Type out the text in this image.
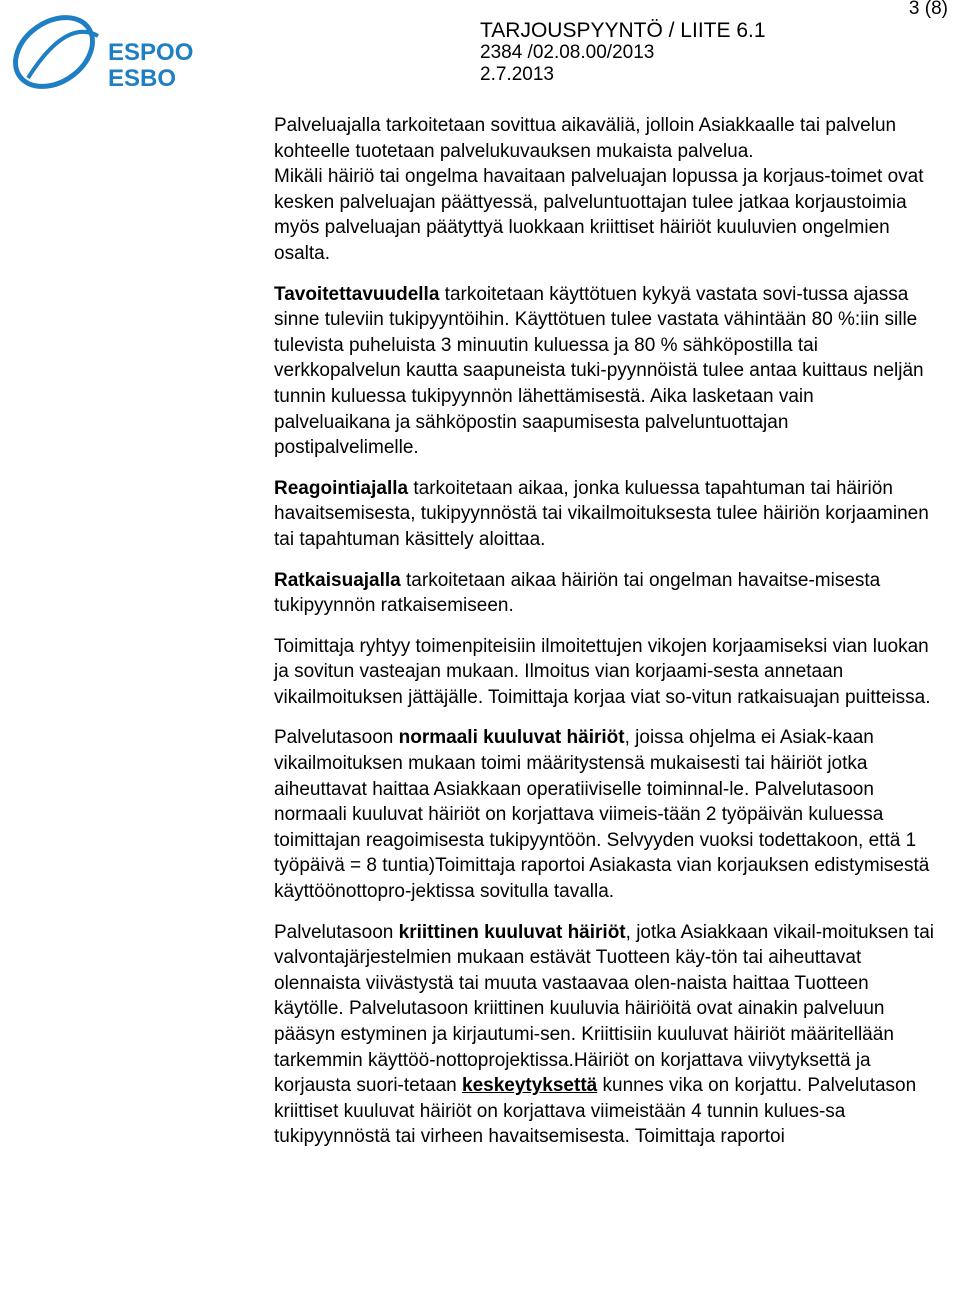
ESPOO
ESBO
TARJOUSPYYNTÖ / LIITE 6.1
2384 /02.08.00/2013
2.7.2013
3 (8)

Palveluajalla tarkoitetaan sovittua aikaväliä, jolloin Asiakkaalle tai palvelun kohteelle tuotetaan palvelukuvauksen mukaista palvelua.

Mikäli häiriö tai ongelma havaitaan palveluajan lopussa ja korjaus-toimet ovat kesken palveluajan päättyessä, palveluntuottajan tulee jatkaa korjaustoimia myös palveluajan päätyttyä luokkaan kriittiset häiriöt kuuluvien ongelmien osalta.

Tavoitettavuudella tarkoitetaan käyttötuen kykyä vastata sovi-tussa ajassa sinne tuleviin tukipyyntöihin. Käyttötuen tulee vastata vähintään 80 %:iin sille tulevista puheluista 3 minuutin kuluessa ja 80 % sähköpostilla tai verkkopalvelun kautta saapuneista tuki-pyynnöistä tulee antaa kuittaus neljän tunnin kuluessa tukipyynnön lähettämisestä. Aika lasketaan vain palveluaikana ja sähköpostin saapumisesta palveluntuottajan postipalvelimelle.

Reagointiajalla tarkoitetaan aikaa, jonka kuluessa tapahtuman tai häiriön havaitsemisesta, tukipyynnöstä tai vikailmoituksesta tulee häiriön korjaaminen tai tapahtuman käsittely aloittaa.

Ratkaisuajalla tarkoitetaan aikaa häiriön tai ongelman havaitse-misesta tukipyynnön ratkaisemiseen.

Toimittaja ryhtyy toimenpiteisiin ilmoitettujen vikojen korjaamiseksi vian luokan ja sovitun vasteajan mukaan. Ilmoitus vian korjaami-sesta annetaan vikailmoituksen jättäjälle. Toimittaja korjaa viat so-vitun ratkaisuajan puitteissa.

Palvelutasoon normaali kuuluvat häiriöt, joissa ohjelma ei Asiak-kaan vikailmoituksen mukaan toimi määritystensä mukaisesti tai häiriöt jotka aiheuttavat haittaa Asiakkaan operatiiviselle toiminnal-le. Palvelutasoon normaali kuuluvat häiriöt on korjattava viimeis-tään 2 työpäivän kuluessa toimittajan reagoimisesta tukipyyntöön. Selvyyden vuoksi todettakoon, että 1 työpäivä = 8 tuntia)Toimittaja raportoi Asiakasta vian korjauksen edistymisestä käyttöönottopro-jektissa sovitulla tavalla.

Palvelutasoon kriittinen kuuluvat häiriöt, jotka Asiakkaan vikail-moituksen tai valvontajärjestelmien mukaan estävät Tuotteen käy-tön tai aiheuttavat olennaista viivästystä tai muuta vastaavaa olen-naista haittaa Tuotteen käytölle. Palvelutasoon kriittinen kuuluvia häiriöitä ovat ainakin palveluun pääsyn estyminen ja kirjautumi-sen. Kriittisiin kuuluvat häiriöt määritellään tarkemmin käyttöö-nottoprojektissa.Häiriöt on korjattava viivytyksettä ja korjausta suori-tetaan keskeytyksettä kunnes vika on korjattu. Palvelutason kriittiset kuuluvat häiriöt on korjattava viimeistään 4 tunnin kulues-sa tukipyynnöstä tai virheen havaitsemisesta. Toimittaja raportoi
